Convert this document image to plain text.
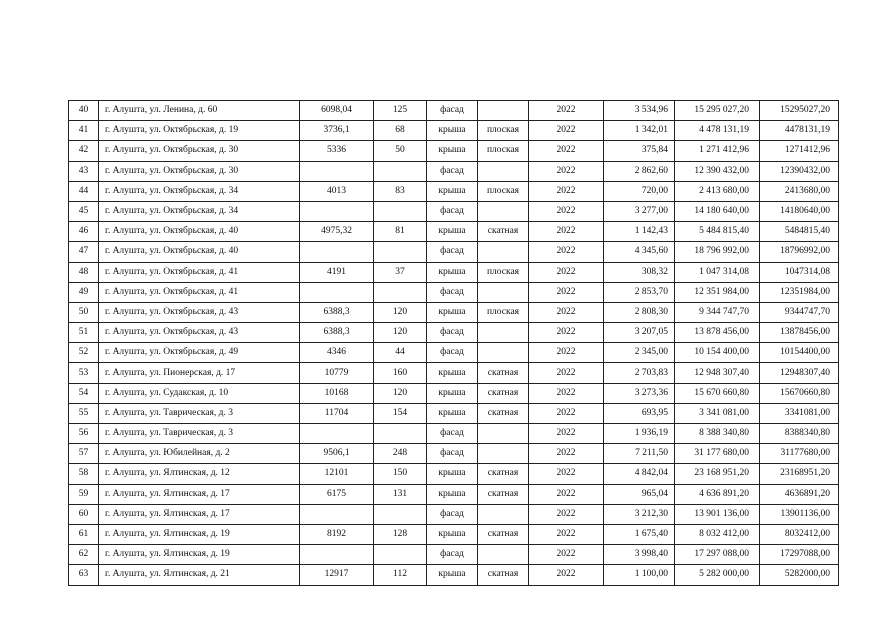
40	г. Алушта, ул. Ленина, д. 60	6098,04	125	фасад		2022	3 534,96	15 295 027,20	15295027,20
41	г. Алушта, ул. Октябрьская, д. 19	3736,1	68	крыша	плоская	2022	1 342,01	4 478 131,19	4478131,19
42	г. Алушта, ул. Октябрьская, д. 30	5336	50	крыша	плоская	2022	375,84	1 271 412,96	1271412,96
43	г. Алушта, ул. Октябрьская, д. 30			фасад		2022	2 862,60	12 390 432,00	12390432,00
44	г. Алушта, ул. Октябрьская, д. 34	4013	83	крыша	плоская	2022	720,00	2 413 680,00	2413680,00
45	г. Алушта, ул. Октябрьская, д. 34			фасад		2022	3 277,00	14 180 640,00	14180640,00
46	г. Алушта, ул. Октябрьская, д. 40	4975,32	81	крыша	скатная	2022	1 142,43	5 484 815,40	5484815,40
47	г. Алушта, ул. Октябрьская, д. 40			фасад		2022	4 345,60	18 796 992,00	18796992,00
48	г. Алушта, ул. Октябрьская, д. 41	4191	37	крыша	плоская	2022	308,32	1 047 314,08	1047314,08
49	г. Алушта, ул. Октябрьская, д. 41			фасад		2022	2 853,70	12 351 984,00	12351984,00
50	г. Алушта, ул. Октябрьская, д. 43	6388,3	120	крыша	плоская	2022	2 808,30	9 344 747,70	9344747,70
51	г. Алушта, ул. Октябрьская, д. 43	6388,3	120	фасад		2022	3 207,05	13 878 456,00	13878456,00
52	г. Алушта, ул. Октябрьская, д. 49	4346	44	фасад		2022	2 345,00	10 154 400,00	10154400,00
53	г. Алушта, ул. Пионерская, д. 17	10779	160	крыша	скатная	2022	2 703,83	12 948 307,40	12948307,40
54	г. Алушта, ул. Судакская, д. 10	10168	120	крыша	скатная	2022	3 273,36	15 670 660,80	15670660,80
55	г. Алушта, ул. Таврическая, д. 3	11704	154	крыша	скатная	2022	693,95	3 341 081,00	3341081,00
56	г. Алушта, ул. Таврическая, д. 3			фасад		2022	1 936,19	8 388 340,80	8388340,80
57	г. Алушта, ул. Юбилейная, д. 2	9506,1	248	фасад		2022	7 211,50	31 177 680,00	31177680,00
58	г. Алушта, ул. Ялтинская, д. 12	12101	150	крыша	скатная	2022	4 842,04	23 168 951,20	23168951,20
59	г. Алушта, ул. Ялтинская, д. 17	6175	131	крыша	скатная	2022	965,04	4 636 891,20	4636891,20
60	г. Алушта, ул. Ялтинская, д. 17			фасад		2022	3 212,30	13 901 136,00	13901136,00
61	г. Алушта, ул. Ялтинская, д. 19	8192	128	крыша	скатная	2022	1 675,40	8 032 412,00	8032412,00
62	г. Алушта, ул. Ялтинская, д. 19			фасад		2022	3 998,40	17 297 088,00	17297088,00
63	г. Алушта, ул. Ялтинская, д. 21	12917	112	крыша	скатная	2022	1 100,00	5 282 000,00	5282000,00
